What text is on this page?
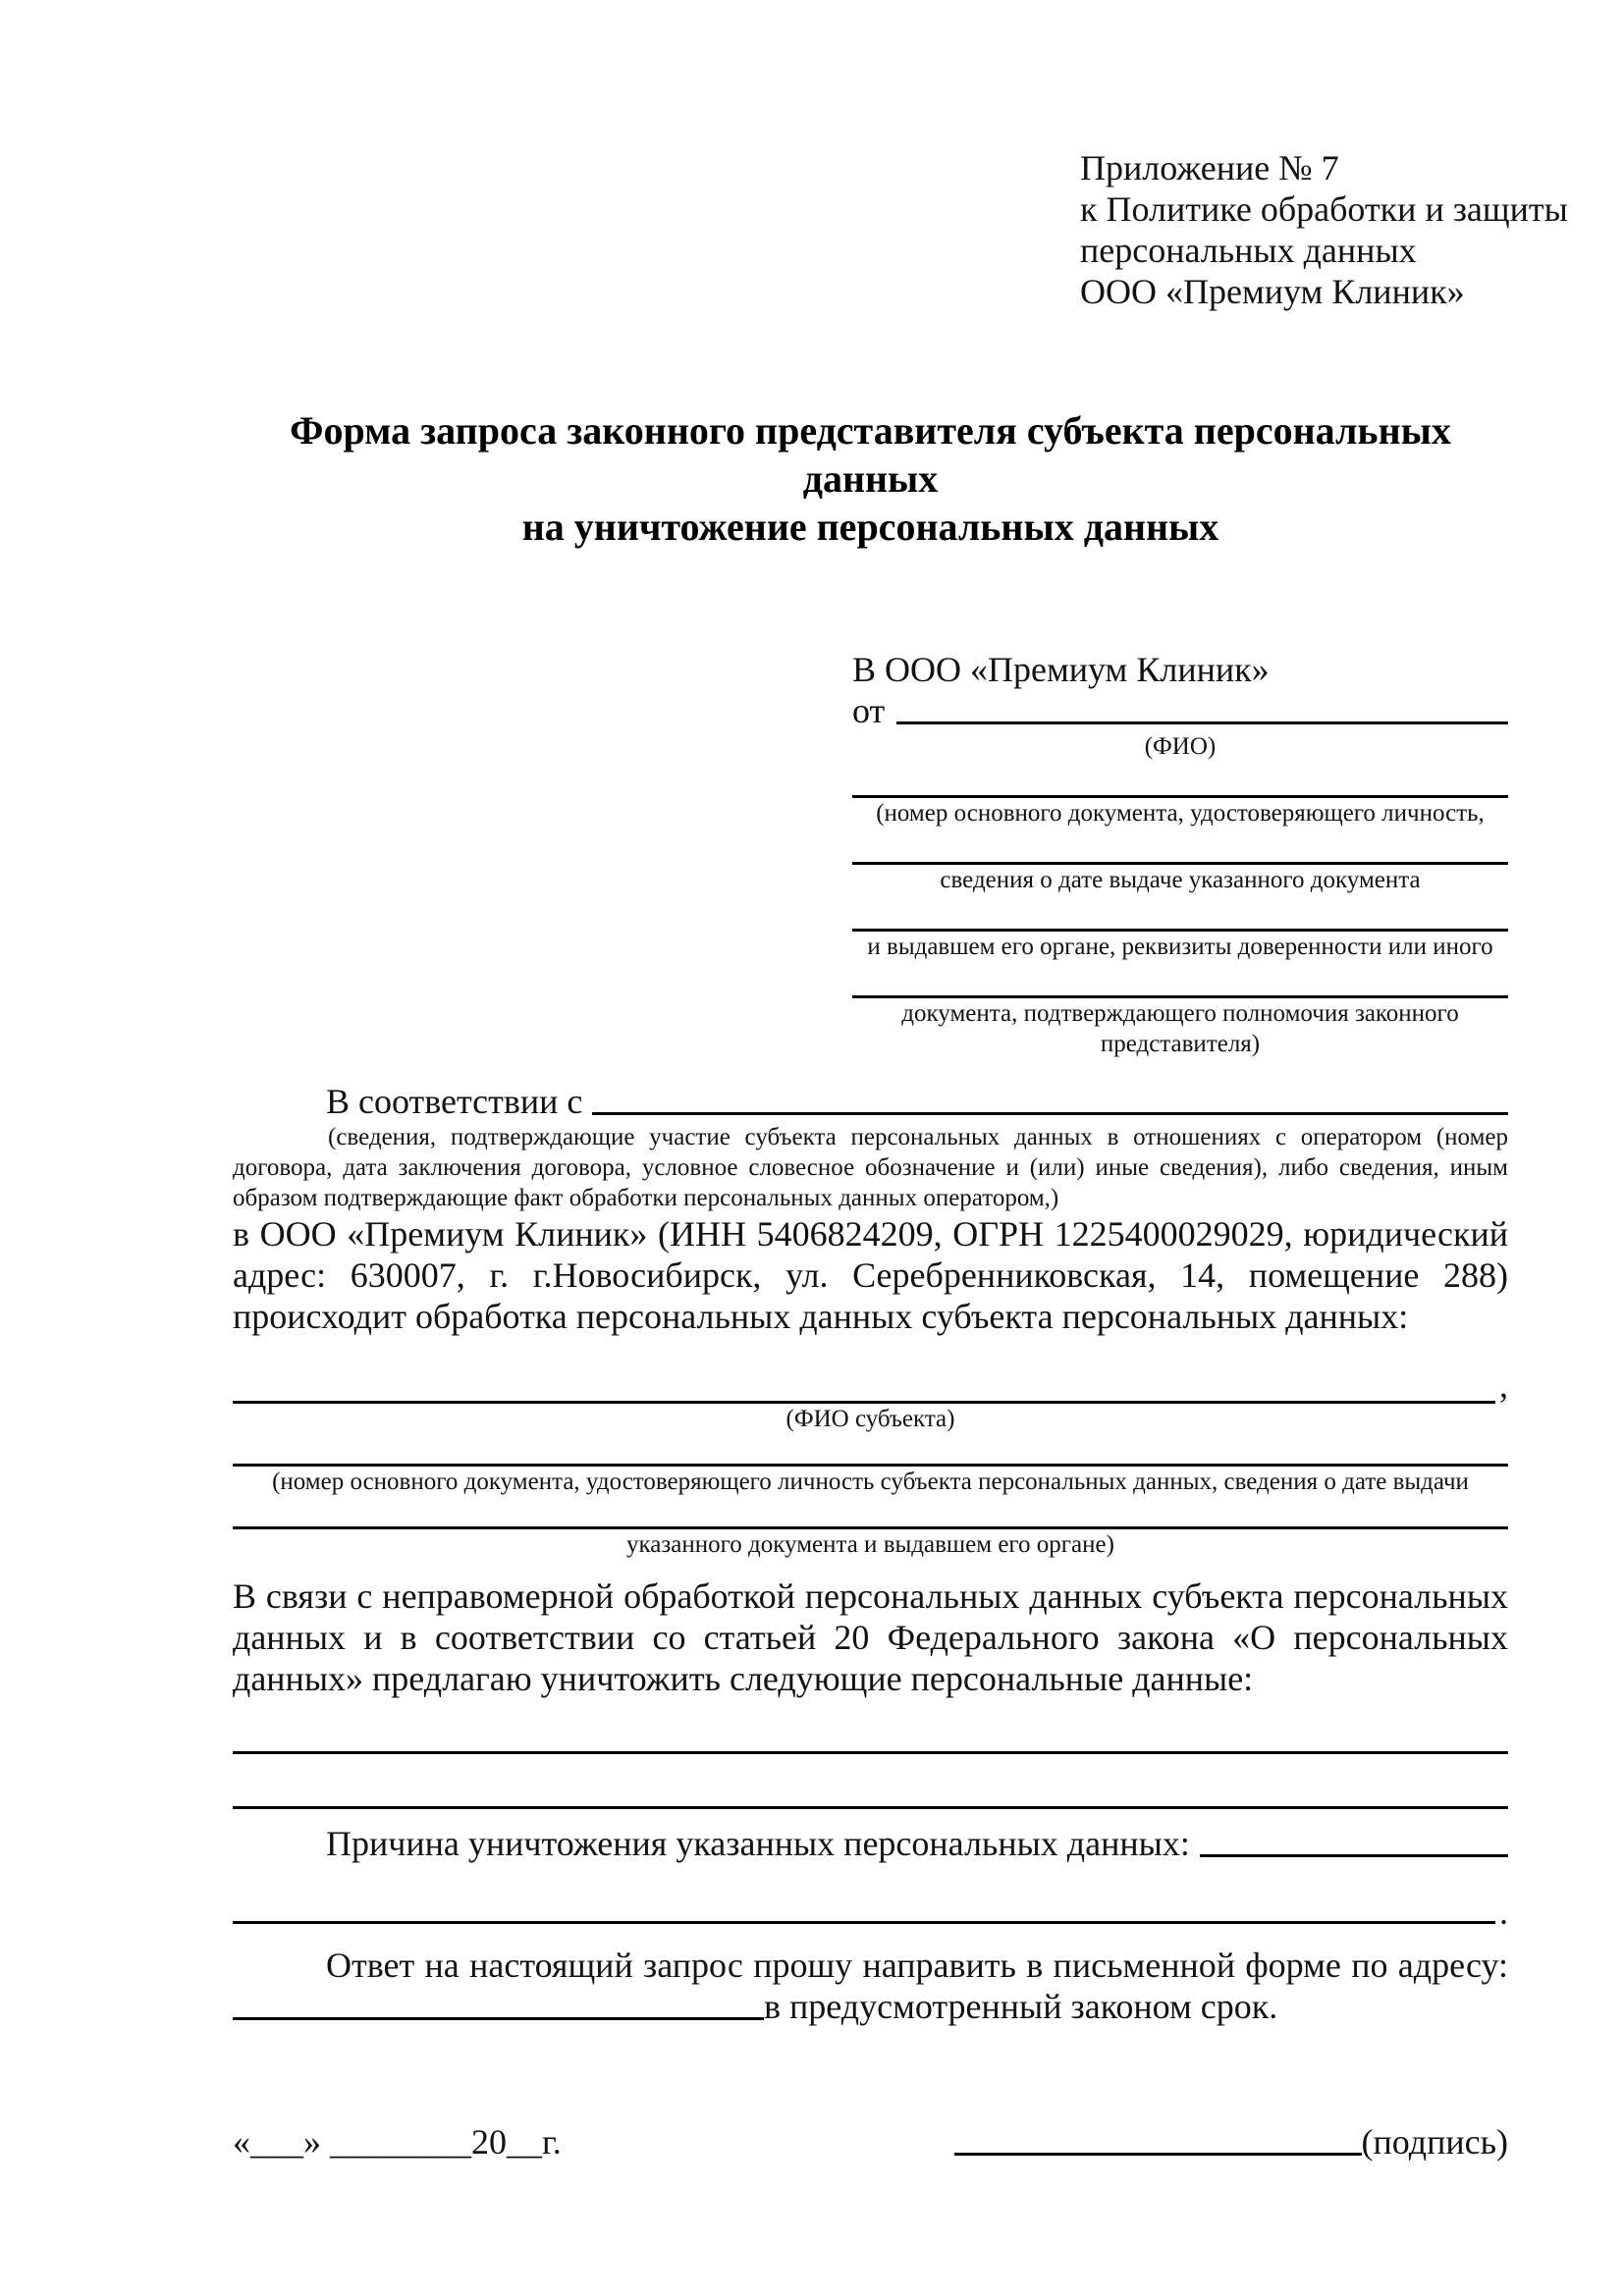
Приложение № 7
к Политике обработки и защиты
персональных данных
ООО «Премиум Клиник»
Форма запроса законного представителя субъекта персональных данных
на уничтожение персональных данных
В ООО «Премиум Клиник»
от
(ФИО)
(номер основного документа, удостоверяющего личность,
сведения о дате выдаче указанного документа
и выдавшем его органе, реквизиты доверенности или иного
документа, подтверждающего полномочия законного представителя)
В соответствии с
(сведения, подтверждающие участие субъекта персональных данных в отношениях с оператором (номер договора, дата заключения договора, условное словесное обозначение и (или) иные сведения), либо сведения, иным образом подтверждающие факт обработки персональных данных оператором,)

в ООО «Премиум Клиник» (ИНН 5406824209, ОГРН 1225400029029, юридический адрес: 630007, г. г.Новосибирск, ул. Серебренниковская, 14, помещение 288) происходит обработка персональных данных субъекта персональных данных:

,
(ФИО субъекта)
(номер основного документа, удостоверяющего личность субъекта персональных данных, сведения о дате выдачи
указанного документа и выдавшем его органе)

В связи с неправомерной обработкой персональных данных субъекта персональных данных и в соответствии со статьей 20 Федерального закона «О персональных данных» предлагаю уничтожить следующие персональные данные:

Причина уничтожения указанных персональных данных:
.

Ответ на настоящий запрос прошу направить в письменной форме по адресу:

в предусмотренный законом срок.
«___» ________20__г.	(подпись)
